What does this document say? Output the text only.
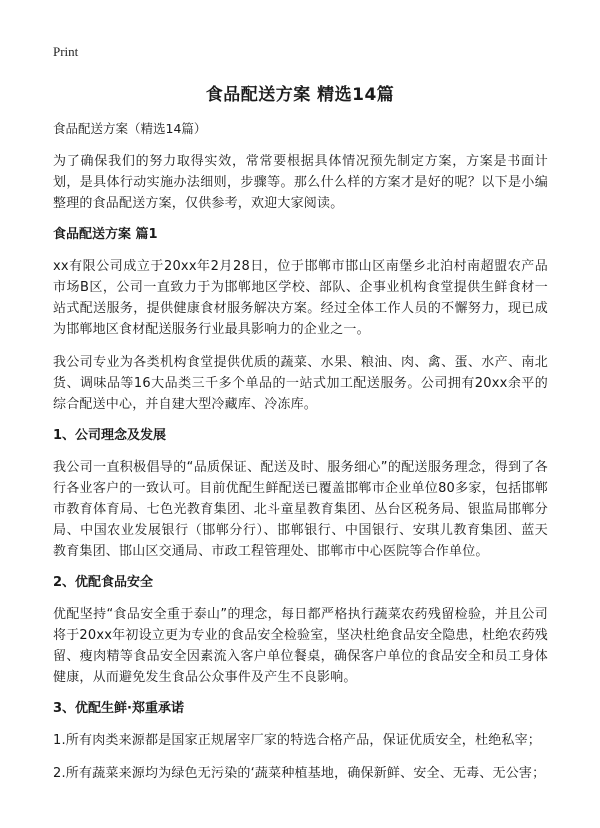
Print
食品配送方案 精选14篇
食品配送方案（精选14篇）

为了确保我们的努力取得实效，常常要根据具体情况预先制定方案，方案是书面计划，是具体行动实施办法细则，步骤等。那么什么样的方案才是好的呢？以下是小编整理的食品配送方案，仅供参考，欢迎大家阅读。

食品配送方案 篇1

xx有限公司成立于20xx年2月28日，位于邯郸市邯山区南堡乡北泊村南超盟农产品市场B区，公司一直致力于为邯郸地区学校、部队、企事业机构食堂提供生鲜食材一站式配送服务，提供健康食材服务解决方案。经过全体工作人员的不懈努力，现已成为邯郸地区食材配送服务行业最具影响力的企业之一。

我公司专业为各类机构食堂提供优质的蔬菜、水果、粮油、肉、禽、蛋、水产、南北货、调味品等16大品类三千多个单品的一站式加工配送服务。公司拥有20xx余平的综合配送中心，并自建大型冷藏库、冷冻库。

1、公司理念及发展

我公司一直积极倡导的“品质保证、配送及时、服务细心”的配送服务理念，得到了各行各业客户的一致认可。目前优配生鲜配送已覆盖邯郸市企业单位80多家，包括邯郸市教育体育局、七色光教育集团、北斗童星教育集团、丛台区税务局、银监局邯郸分局、中国农业发展银行（邯郸分行）、邯郸银行、中国银行、安琪儿教育集团、蓝天教育集团、邯山区交通局、市政工程管理处、邯郸市中心医院等合作单位。

2、优配食品安全

优配坚持“食品安全重于泰山”的理念，每日都严格执行蔬菜农药残留检验，并且公司将于20xx年初设立更为专业的食品安全检验室，坚决杜绝食品安全隐患，杜绝农药残留、瘦肉精等食品安全因素流入客户单位餐桌，确保客户单位的食品安全和员工身体健康，从而避免发生食品公众事件及产生不良影响。

3、优配生鲜·郑重承诺

1.所有肉类来源都是国家正规屠宰厂家的特选合格产品，保证优质安全，杜绝私宰；

2.所有蔬菜来源均为绿色无污染的‘蔬菜种植基地，确保新鲜、安全、无毒、无公害；
